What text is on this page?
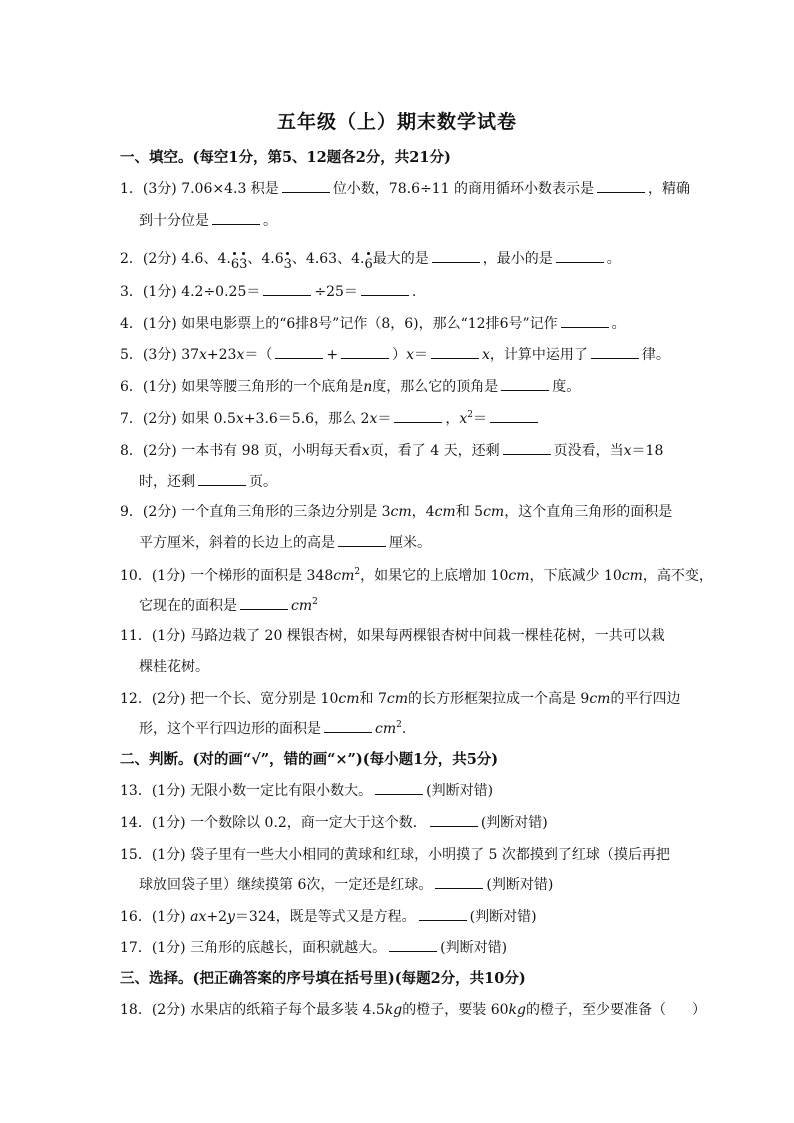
五年级（上）期末数学试卷
一、填空。(每空1分，第5、12题各2分，共21分)
1．(3分) 7.06×4.3 积是	位小数，78.6÷11 的商用循环小数表示是	，精确
到十分位是	。
2．(2分) 4.6、4.63、4.63、4.63、4.6最大的是	，最小的是	。
3．(1分) 4.2÷0.25＝	÷25＝	.
4．(1分) 如果电影票上的“6排8号”记作（8，6)，那么“12排6号”记作	。
5．(3分) 37x+23x＝（	+	）x＝	x，计算中运用了	律。
6．(1分) 如果等腰三角形的一个底角是n度，那么它的顶角是	度。
7．(2分) 如果 0.5x+3.6＝5.6，那么 2x＝	，$x^2=$
8．(2分) 一本书有 98 页，小明每天看x页，看了 4 天，还剩	页没看，当x＝18
时，还剩	页。
9．(2分) 一个直角三角形的三条边分别是 3cm，4cm和 5cm，这个直角三角形的面积是
平方厘米，斜着的长边上的高是	厘米。
10．(1分) 一个梯形的面积是 $348cm^2$，如果它的上底增加 10cm，下底减少 10cm，高不变，
它现在的面积是	$cm^2$
11．(1分) 马路边栽了 20 棵银杏树，如果每两棵银杏树中间栽一棵桂花树，一共可以栽
棵桂花树。
12．(2分) 把一个长、宽分别是 10cm和 7cm的长方形框架拉成一个高是 9cm的平行四边
形，这个平行四边形的面积是	$cm^2$.
二、判断。(对的画“√”，错的画“×”)(每小题1分，共5分)
13．(1分) 无限小数一定比有限小数大。	(判断对错)
14．(1分) 一个数除以 0.2，商一定大于这个数．	(判断对错)
15．(1分) 袋子里有一些大小相同的黄球和红球，小明摸了 5 次都摸到了红球（摸后再把
球放回袋子里）继续摸第 6次，一定还是红球。	(判断对错)
16．(1分) ax+2y＝324，既是等式又是方程。	(判断对错)
17．(1分) 三角形的底越长，面积就越大。	(判断对错)
三、选择。(把正确答案的序号填在括号里)(每题2分，共10分)
18．(2分) 水果店的纸箱子每个最多装 4.5kg的橙子，要装 60kg的橙子，至少要准备（ ）
